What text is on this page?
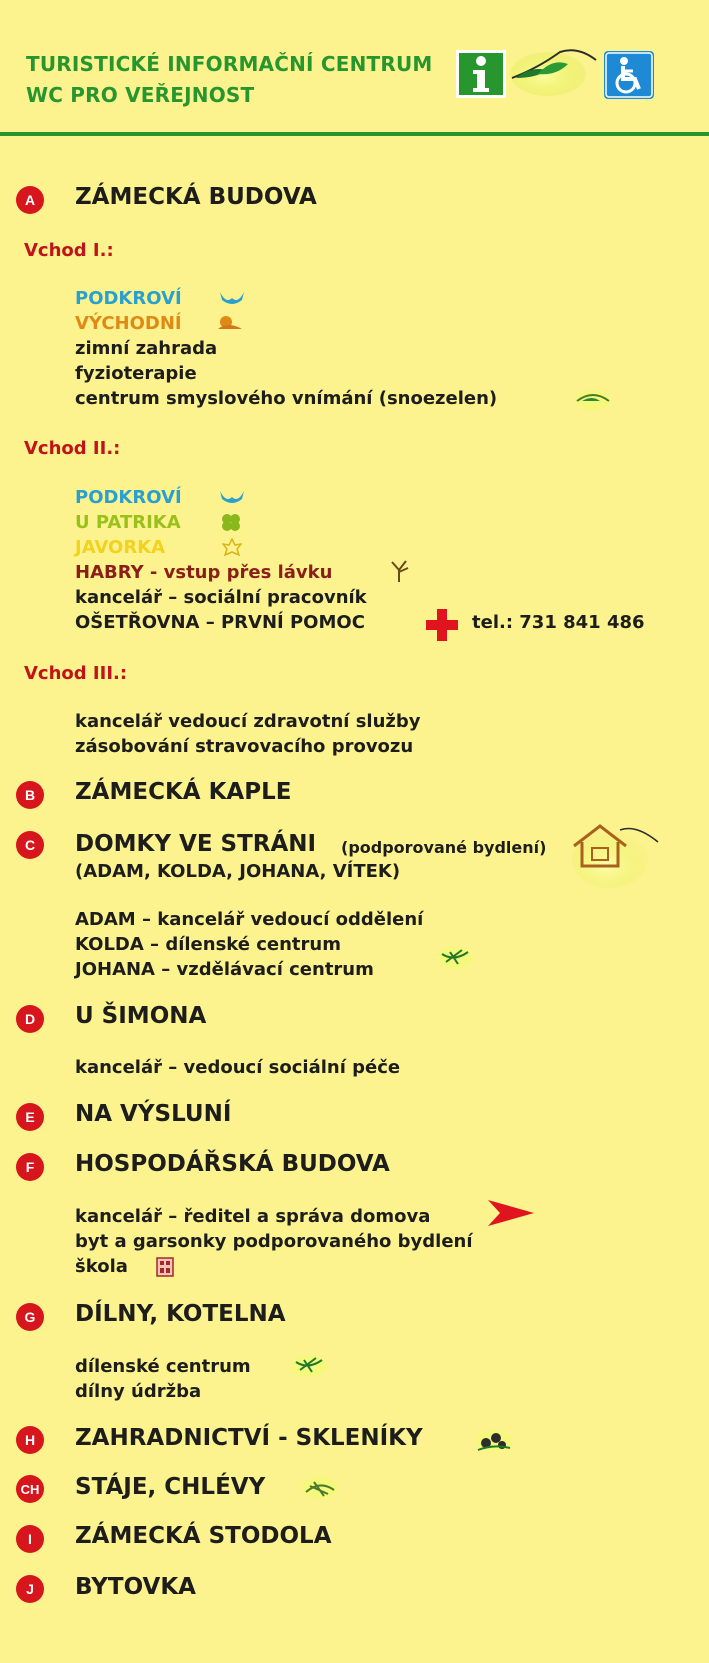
TURISTICKÉ INFORMAČNÍ CENTRUM
WC PRO VEŘEJNOST
A	ZÁMECKÁ BUDOVA
Vchod I.:
PODKROVÍ
VÝCHODNÍ
zimní zahrada
fyzioterapie
centrum smyslového vnímání (snoezelen)
Vchod II.:
PODKROVÍ
U PATRIKA
JAVORKA
HABRY - vstup přes lávku
kancelář – sociální pracovník
OŠETŘOVNA – PRVNÍ POMOC	tel.: 731 841 486
Vchod III.:
kancelář vedoucí zdravotní služby
zásobování stravovacího provozu
B	ZÁMECKÁ KAPLE
C	DOMKY VE STRÁNI (podporované bydlení)
(ADAM, KOLDA, JOHANA, VÍTEK)
ADAM – kancelář vedoucí oddělení
KOLDA – dílenské centrum
JOHANA – vzdělávací centrum
D	U ŠIMONA
kancelář – vedoucí sociální péče
E	NA VÝSLUNÍ
F	HOSPODÁŘSKÁ BUDOVA
kancelář – ředitel a správa domova
byt a garsonky podporovaného bydlení
škola
G	DÍLNY, KOTELNA
dílenské centrum
dílny údržba
H	ZAHRADNICTVÍ - SKLENÍKY
CH STÁJE, CHLÉVY
I	ZÁMECKÁ STODOLA
J	BYTOVKA
